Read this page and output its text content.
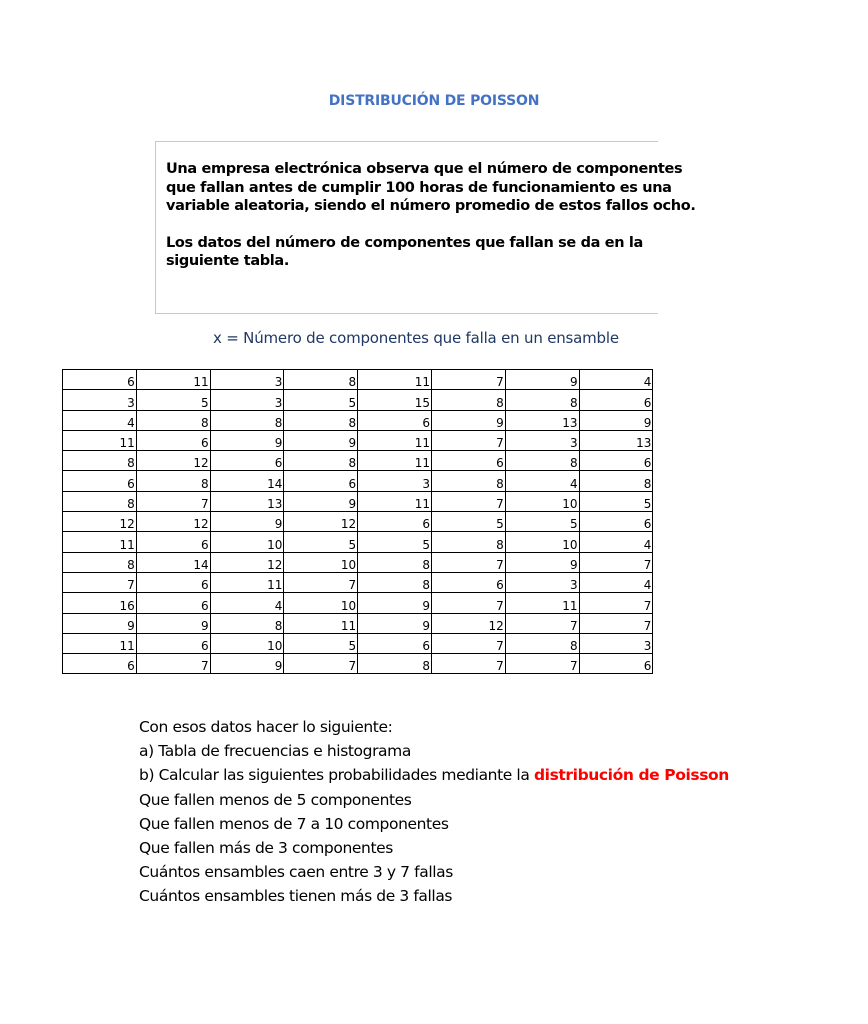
DISTRIBUCIÓN DE POISSON

Una empresa electrónica observa que el número de componentes
que fallan antes de cumplir 100 horas de funcionamiento es una
variable aleatoria, siendo el número promedio de estos fallos ocho.

Los datos del número de componentes que fallan se da en la
siguiente tabla.

x = Número de componentes que falla en un ensamble
6	11	3	8	11	7	9	4
3	5	3	5	15	8	8	6
4	8	8	8	6	9	13	9
11	6	9	9	11	7	3	13
8	12	6	8	11	6	8	6
6	8	14	6	3	8	4	8
8	7	13	9	11	7	10	5
12	12	9	12	6	5	5	6
11	6	10	5	5	8	10	4
8	14	12	10	8	7	9	7
7	6	11	7	8	6	3	4
16	6	4	10	9	7	11	7
9	9	8	11	9	12	7	7
11	6	10	5	6	7	8	3
6	7	9	7	8	7	7	6
Con esos datos hacer lo siguiente:
a) Tabla de frecuencias e histograma
b) Calcular las siguientes probabilidades mediante la distribución de Poisson
Que fallen menos de 5 componentes
Que fallen menos de 7 a 10 componentes
Que fallen más de 3 componentes
Cuántos ensambles caen entre 3 y 7 fallas
Cuántos ensambles tienen más de 3 fallas
